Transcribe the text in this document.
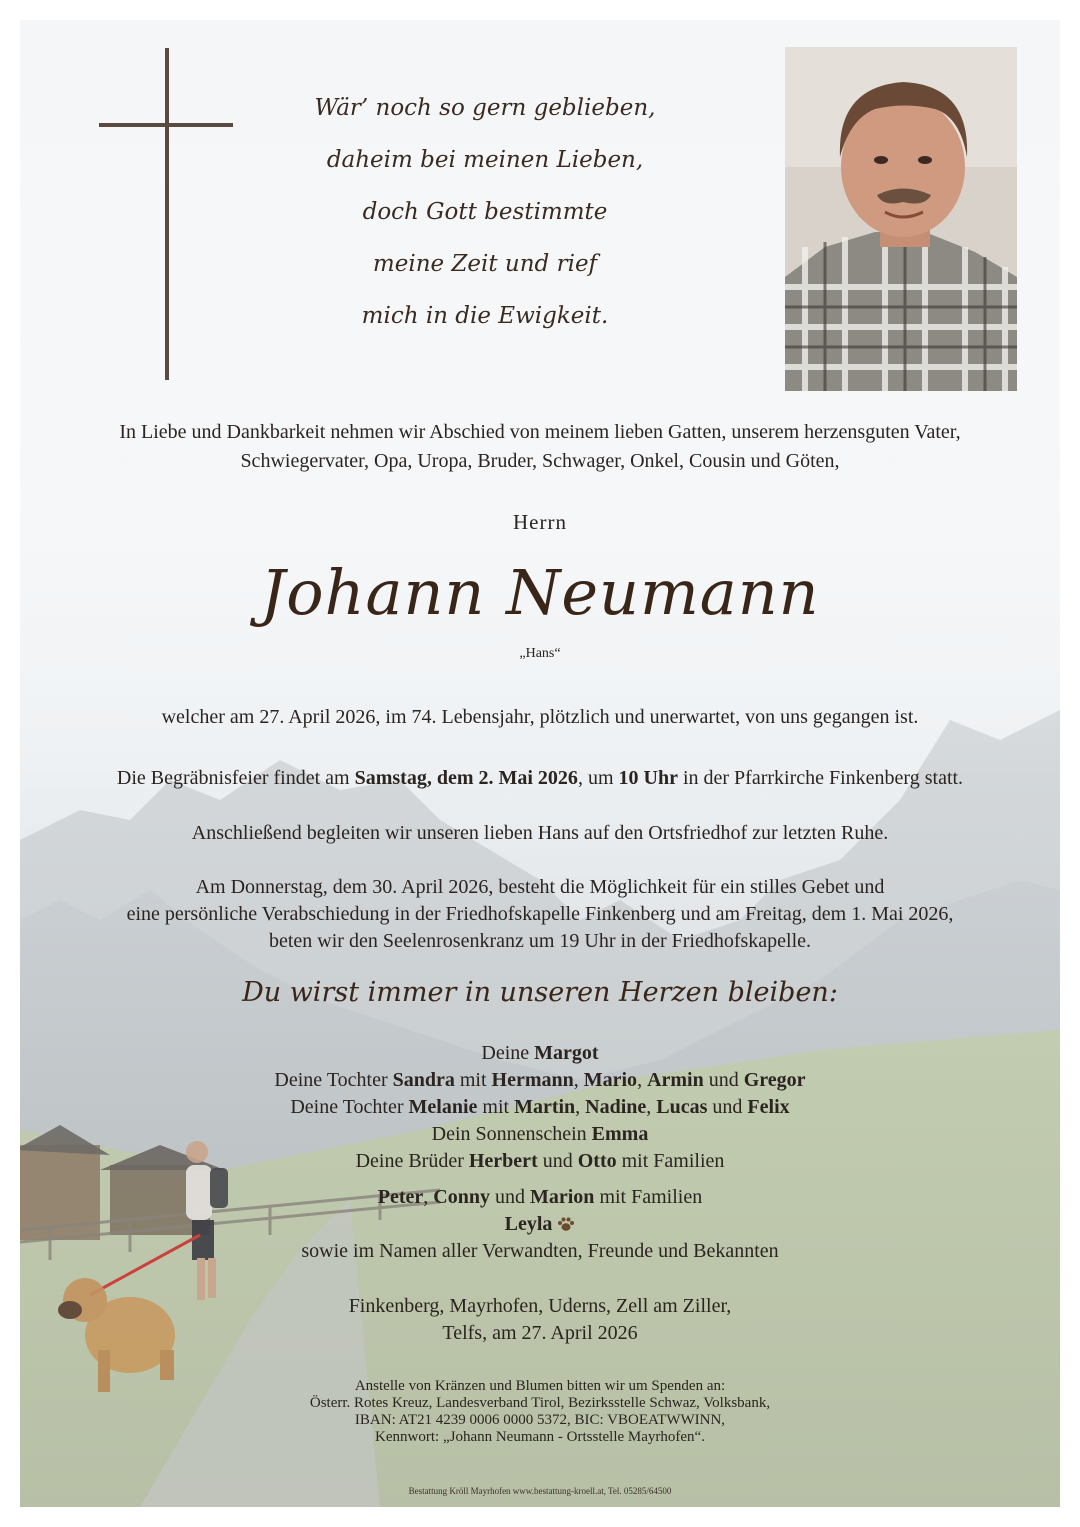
Wär’ noch so gern geblieben,
daheim bei meinen Lieben,
doch Gott bestimmte
meine Zeit und rief
mich in die Ewigkeit.
In Liebe und Dankbarkeit nehmen wir Abschied von meinem lieben Gatten, unserem herzensguten Vater,
Schwiegervater, Opa, Uropa, Bruder, Schwager, Onkel, Cousin und Göten,
Herrn
Johann Neumann
„Hans“
welcher am 27. April 2026, im 74. Lebensjahr, plötzlich und unerwartet, von uns gegangen ist.
Die Begräbnisfeier findet am Samstag, dem 2. Mai 2026, um 10 Uhr in der Pfarrkirche Finkenberg statt.
Anschließend begleiten wir unseren lieben Hans auf den Ortsfriedhof zur letzten Ruhe.
Am Donnerstag, dem 30. April 2026, besteht die Möglichkeit für ein stilles Gebet und
eine persönliche Verabschiedung in der Friedhofskapelle Finkenberg und am Freitag, dem 1. Mai 2026,
beten wir den Seelenrosenkranz um 19 Uhr in der Friedhofskapelle.
Du wirst immer in unseren Herzen bleiben:
Deine Margot
Deine Tochter Sandra mit Hermann, Mario, Armin und Gregor
Deine Tochter Melanie mit Martin, Nadine, Lucas und Felix
Dein Sonnenschein Emma
Deine Brüder Herbert und Otto mit Familien
Peter, Conny und Marion mit Familien
Leyla
sowie im Namen aller Verwandten, Freunde und Bekannten
Finkenberg, Mayrhofen, Uderns, Zell am Ziller,
Telfs, am 27. April 2026
Anstelle von Kränzen und Blumen bitten wir um Spenden an:
Österr. Rotes Kreuz, Landesverband Tirol, Bezirksstelle Schwaz, Volksbank,
IBAN: AT21 4239 0006 0000 5372, BIC: VBOEATWWINN,
Kennwort: „Johann Neumann - Ortsstelle Mayrhofen“.
Bestattung Kröll Mayrhofen www.bestattung-kroell.at, Tel. 05285/64500
